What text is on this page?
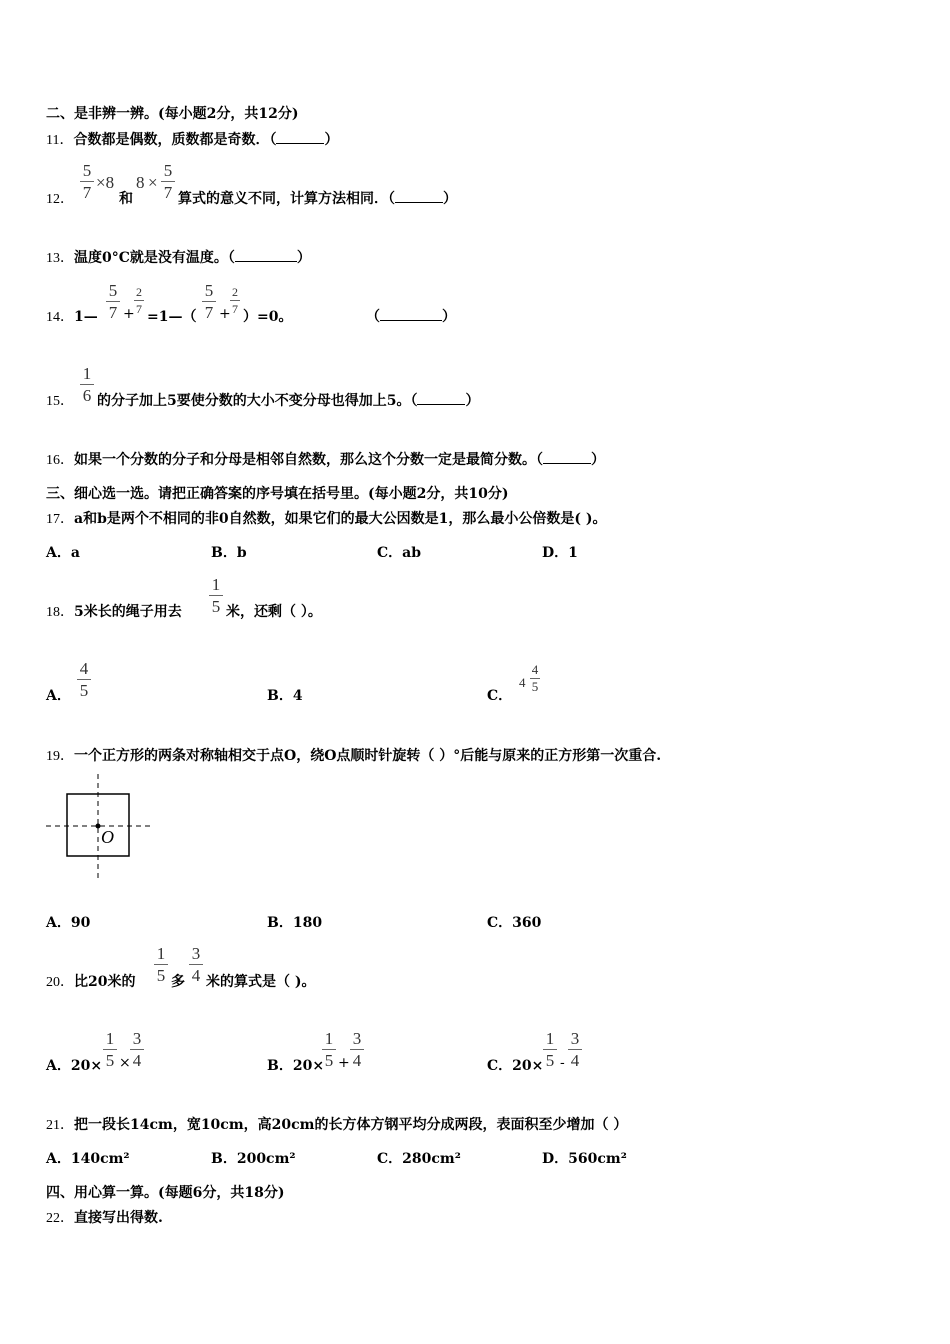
二、是非辨一辨。(每小题2分，共12分)
11．合数都是偶数，质数都是奇数．（	）
12．
5
7
×8
和
8 ×
5
7 算式的意义不同，计算方法相同．（	）
13．温度0°C就是没有温度。（	）
14．1—
5
7 +
2
7 =1—（
5
7 +
2
7 ）=0。	（	）
15．
1
6 的分子加上5要使分数的大小不变分母也得加上5。（	）
16．如果一个分数的分子和分母是相邻自然数，那么这个分数一定是最简分数。（	）
三、细心选一选。请把正确答案的序号填在括号里。(每小题2分，共10分)
17．a和b是两个不相同的非0自然数，如果它们的最大公因数是1，那么最小公倍数是( )。
A．a	B．b	C．ab	D．1
18．5米长的绳子用去
1
5 米，还剩（ ）。
A．
4
5	B．4	C．
4
4
5
19．一个正方形的两条对称轴相交于点O，绕O点顺时针旋转（ ）°后能与原来的正方形第一次重合.
O
A．90	B．180	C．360
20．比20米的
1
5 多
3
4 米的算式是（ )。
A．20×
1
5 ×
3
4	B．20×
1
5 +
3
4	C．20×
1
5 -
3
4
21．把一段长14cm，宽10cm，高20cm的长方体方钢平均分成两段，表面积至少增加（ ）
A．140cm²	B．200cm²	C．280cm²	D．560cm²
四、用心算一算。(每题6分，共18分)
22．直接写出得数.
